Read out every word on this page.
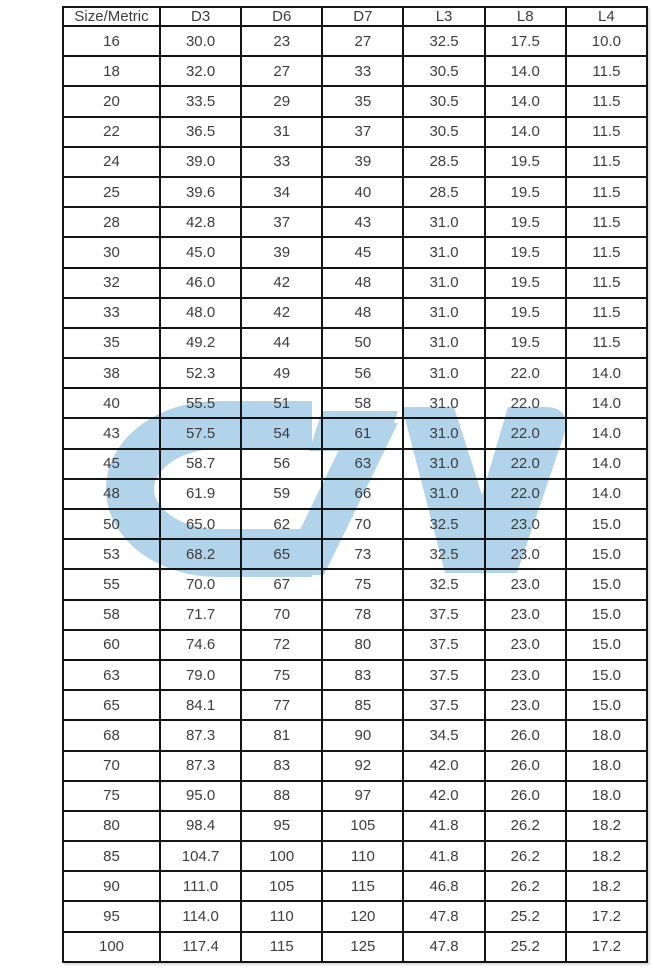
Size/Metric	D3	D6	D7	L3	L8	L4
16	30.0	23	27	32.5	17.5	10.0
18	32.0	27	33	30.5	14.0	11.5
20	33.5	29	35	30.5	14.0	11.5
22	36.5	31	37	30.5	14.0	11.5
24	39.0	33	39	28.5	19.5	11.5
25	39.6	34	40	28.5	19.5	11.5
28	42.8	37	43	31.0	19.5	11.5
30	45.0	39	45	31.0	19.5	11.5
32	46.0	42	48	31.0	19.5	11.5
33	48.0	42	48	31.0	19.5	11.5
35	49.2	44	50	31.0	19.5	11.5
38	52.3	49	56	31.0	22.0	14.0
40	55.5	51	58	31.0	22.0	14.0
43	57.5	54	61	31.0	22.0	14.0
45	58.7	56	63	31.0	22.0	14.0
48	61.9	59	66	31.0	22.0	14.0
50	65.0	62	70	32.5	23.0	15.0
53	68.2	65	73	32.5	23.0	15.0
55	70.0	67	75	32.5	23.0	15.0
58	71.7	70	78	37.5	23.0	15.0
60	74.6	72	80	37.5	23.0	15.0
63	79.0	75	83	37.5	23.0	15.0
65	84.1	77	85	37.5	23.0	15.0
68	87.3	81	90	34.5	26.0	18.0
70	87.3	83	92	42.0	26.0	18.0
75	95.0	88	97	42.0	26.0	18.0
80	98.4	95	105	41.8	26.2	18.2
85	104.7	100	110	41.8	26.2	18.2
90	111.0	105	115	46.8	26.2	18.2
95	114.0	110	120	47.8	25.2	17.2
100	117.4	115	125	47.8	25.2	17.2
